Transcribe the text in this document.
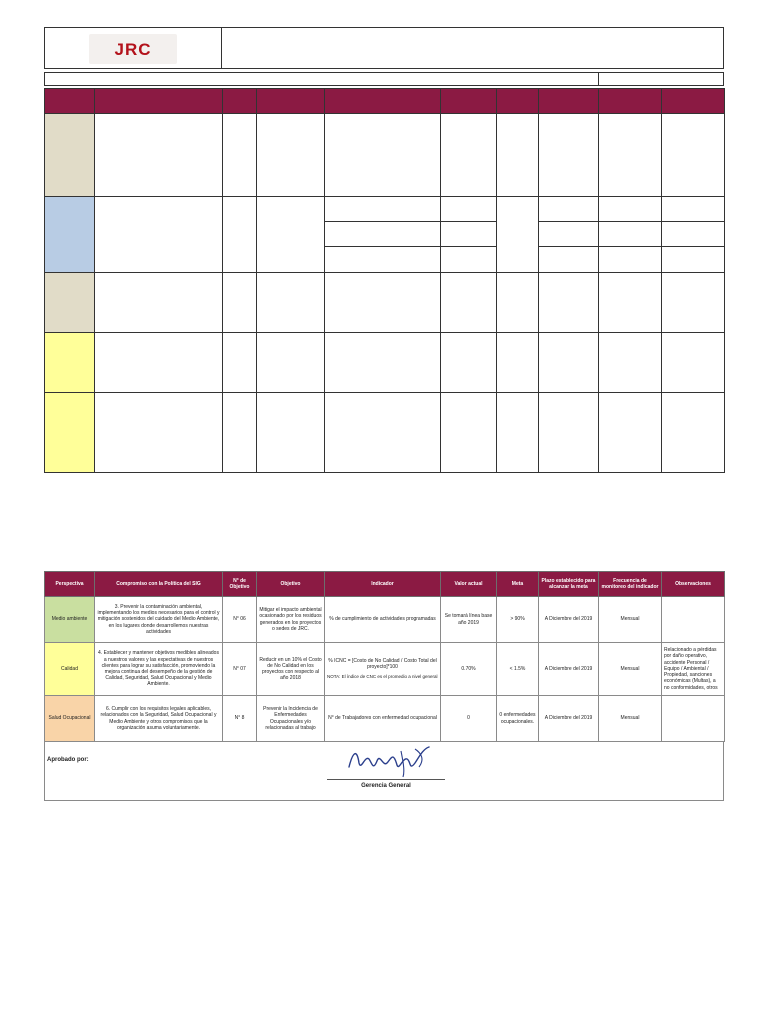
JRC

Perspectiva	Compromiso con la Política del SIG	N° de Objetivo	Objetivo	Indicador	Valor actual	Meta	Plazo establecido para alcanzar la meta	Frecuencia de monitoreo del indicador	Observaciones
Medio ambiente	3. Prevenir la contaminación ambiental, implementando los medios necesarios para el control y mitigación sostenidos del cuidado del Medio Ambiente, en los lugares donde desarrollemos nuestras actividades	N° 06	Mitigar el impacto ambiental ocasionado por los residuos generados en los proyectos o sedes de JRC.	% de cumplimiento de actividades programadas	Se tomará línea base año 2019	> 90%	A Diciembre del 2019	Mensual	
Calidad	4. Establecer y mantener objetivos medibles alineados a nuestros valores y las expectativas de nuestros clientes para lograr su satisfacción, promoviendo la mejora continua del desempeño de la gestión de Calidad, Seguridad, Salud Ocupacional y Medio Ambiente.	N° 07	Reducir en un 10% el Costo de No Calidad en los proyectos con respecto al año 2018	% ICNC = [Costo de No Calidad / Costo Total del proyecto]*100
NOTA: El índice de CNC es el promedio a nivel general	0.70%	< 1.5%	A Diciembre del 2019	Mensual	Relacionado a pérdidas por daño operativo, accidente Personal / Equipo / Ambiental / Propiedad, sanciones económicas (Multas), a no conformidades, otros
Salud Ocupacional	6. Cumplir con los requisitos legales aplicables, relacionados con la Seguridad, Salud Ocupacional y Medio Ambiente y otros compromisos que la organización asuma voluntariamente.	N° 8	Prevenir la Incidencia de Enfermedades Ocupacionales y/o relacionadas al trabajo	N° de Trabajadores con enfermedad ocupacional	0	0 enfermedades ocupacionales.	A Diciembre del 2019	Mensual	
Aprobado por:
Gerencia General
